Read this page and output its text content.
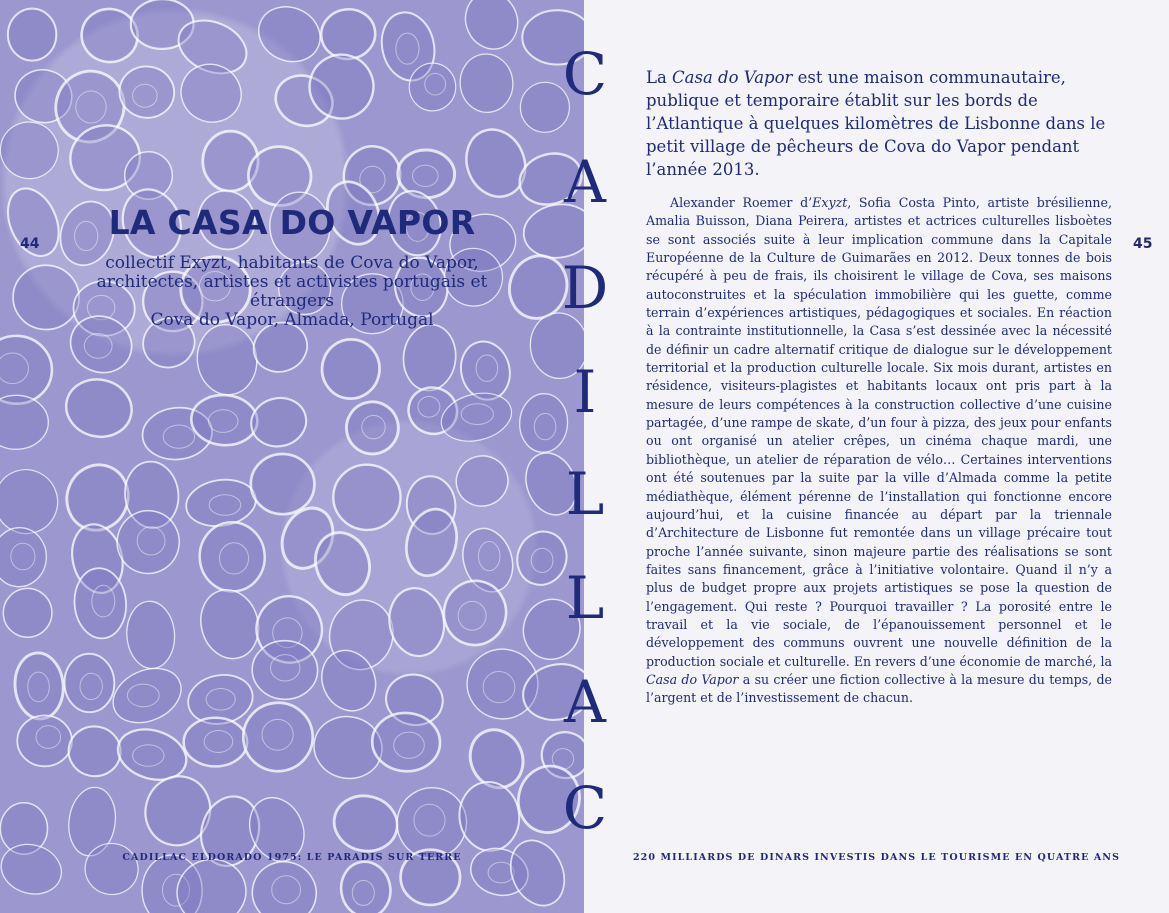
44
LA CASA DO VAPOR
collectif Exyzt, habitants de Cova do Vapor,
architectes, artistes et activistes portugais et
étrangers
Cova do Vapor, Almada, Portugal
CADILLAC ELDORADO 1975: LE PARADIS SUR TERRE
C
A
D
I
L
L
A
C
45

La Casa do Vapor est une maison communautaire, publique et temporaire établit sur les bords de l’Atlantique à quelques kilomètres de Lisbonne dans le petit village de pêcheurs de Cova do Vapor pendant l’année 2013.

Alexander Roemer d’Exyzt, Sofia Costa Pinto, artiste brésilienne, Amalia Buisson, Diana Peirera, artistes et actrices culturelles lisboètes se sont associés suite à leur implication commune dans la Capitale Européenne de la Culture de Guimarães en 2012. Deux tonnes de bois récupéré à peu de frais, ils choisirent le village de Cova, ses maisons autoconstruites et la spéculation immobilière qui les guette, comme terrain d’expériences artistiques, pédagogiques et sociales. En réaction à la contrainte institutionnelle, la Casa s’est dessinée avec la nécessité de définir un cadre alternatif critique de dialogue sur le développement territorial et la production culturelle locale. Six mois durant, artistes en résidence, visiteurs-plagistes et habitants locaux ont pris part à la mesure de leurs compétences à la construction collective d’une cuisine partagée, d’une rampe de skate, d’un four à pizza, des jeux pour enfants ou ont organisé un atelier crêpes, un cinéma chaque mardi, une bibliothèque, un atelier de réparation de vélo… Certaines interventions ont été soutenues par la suite par la ville d’Almada comme la petite médiathèque, élément pérenne de l’installation qui fonctionne encore aujourd’hui, et la cuisine financée au départ par la triennale d’Architecture de Lisbonne fut remontée dans un village précaire tout proche l’année suivante, sinon majeure partie des réalisations se sont faites sans financement, grâce à l’initiative volontaire. Quand il n’y a plus de budget propre aux projets artistiques se pose la question de l’engagement. Qui reste ? Pourquoi travailler ? La porosité entre le travail et la vie sociale, de l’épanouissement personnel et le développement des communs ouvrent une nouvelle définition de la production sociale et culturelle. En revers d’une économie de marché, la Casa do Vapor a su créer une fiction collective à la mesure du temps, de l’argent et de l’investissement de chacun.

220 MILLIARDS DE DINARS INVESTIS DANS LE TOURISME EN QUATRE ANS
